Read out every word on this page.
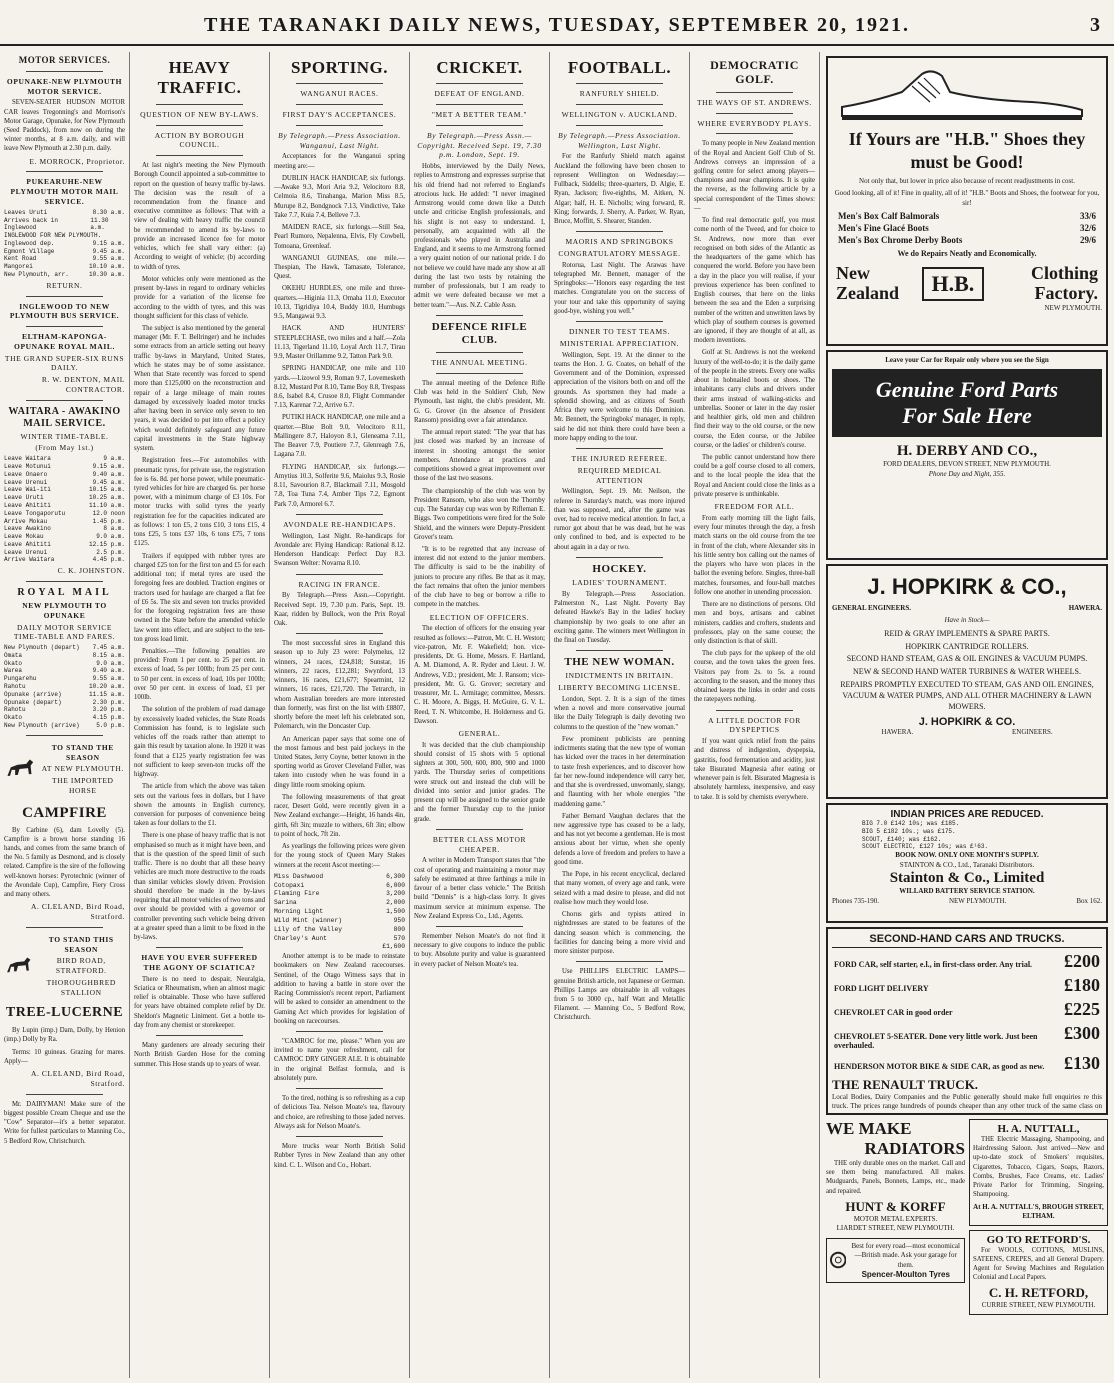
THE TARANAKI DAILY NEWS, TUESDAY, SEPTEMBER 20, 1921.	3
MOTOR SERVICES.
OPUNAKE-NEW PLYMOUTH MOTOR SERVICE.
SEVEN-SEATER HUDSON MOTOR CAR leaves Tregonning's and Morrison's Motor Garage, Opunake, for New Plymouth (Seed Paddock), from now on during the winter months, at 8 a.m. daily, and will leave New Plymouth at 2.30 p.m. daily.
E. MORROCK, Proprietor.
PUKEARUHE-NEW PLYMOUTH MOTOR MAIL SERVICE.
Leaves Uruti	8.30 a.m.
Arrives back in Inglewood
11.30 a.m.
INGLEWOOD FOR NEW PLYMOUTH.
Inglewood dep.	9.15 a.m.
Egmont Village	9.45 a.m.
Kent Road	9.55 a.m.
Mangorei	10.10 a.m.
New Plymouth, arr.	10.30 a.m.
RETURN.
INGLEWOOD TO NEW PLYMOUTH BUS SERVICE.
ELTHAM-KAPONGA-OPUNAKE ROYAL MAIL.
THE GRAND SUPER-SIX RUNS DAILY.
R. W. DENTON, MAIL CONTRACTOR.
WAITARA - AWAKINO MAIL SERVICE.
WINTER TIME-TABLE.
(From May 1st.)
Leave Waitara	9 a.m.
Leave Motunui	9.15 a.m.
Leave Onaero	9.40 a.m.
Leave Urenui	9.45 a.m.
Leave Wai-iti	10.15 a.m.
Leave Uruti	10.25 a.m.
Leave Ahititi	11.10 a.m.
Leave Tongaporutu	12.0 noon
Arrive Mokau	1.45 p.m.
Leave Awakino	8 a.m.
Leave Mokau	9.0 a.m.
Leave Ahititi	12.15 p.m.
Leave Urenui	2.5 p.m.
Arrive Waitara	4.45 p.m.
C. K. JOHNSTON.
ROYAL MAIL
NEW PLYMOUTH TO OPUNAKE
DAILY MOTOR SERVICE TIME-TABLE AND FARES.
New Plymouth (depart) 7.45 a.m.
Omata	8.15 a.m.
Okato	9.0 a.m.
Warea	9.40 a.m.
Pungarehu	9.55 a.m.
Rahotu	10.20 a.m.
Opunake (arrive)	11.15 a.m.
Opunake (depart)	2.30 p.m.
Rahotu	3.20 p.m.
Okato	4.15 p.m.
New Plymouth (arrive)	5.0 p.m.
TO STAND THE SEASON
AT NEW PLYMOUTH.
THE IMPORTED HORSE
CAMPFIRE
By Carbine (6), dam Lovelly (5). Campfire is a brown horse standing 16 hands, and comes from the same branch of the No. 5 family as Desmond, and is closely related. Campfire is the sire of the following well-known horses: Pyrotechnic (winner of the Avondale Cup), Campfire, Fiery Cross and many others.
A. CLELAND, Bird Road, Stratford.
TO STAND THIS SEASON
BIRD ROAD, STRATFORD.
THOROUGHBRED STALLION
TREE-LUCERNE
By Lupin (imp.) Dam, Dolly, by Henion (imp.) Dolly by Ra.
Terms: 10 guineas. Grazing for mares. Apply—
A. CLELAND, Bird Road, Stratford.
Mr. DAIRYMAN! Make sure of the biggest possible Cream Cheque and use the "Cow" Separator—it's a better separator. Write for fullest particulars to Manning Co., 5 Bedford Row, Christchurch.
HEAVY TRAFFIC.
QUESTION OF NEW BY-LAWS.
ACTION BY BOROUGH COUNCIL.
At last night's meeting the New Plymouth Borough Council appointed a sub-committee to report on the question of heavy traffic by-laws. The decision was the result of a recommendation from the finance and executive committee as follows: That with a view of dealing with heavy traffic the council be recommended to amend its by-laws to provide an increased licence fee for motor vehicles, which fee shall vary either: (a) According to weight of vehicle; (b) according to width of tyres.
Motor vehicles only were mentioned as the present by-laws in regard to ordinary vehicles provide for a variation of the license fee according to the width of tyres, and this was thought sufficient for this class of vehicle.
The subject is also mentioned by the general manager (Mr. F. T. Bellringer) and he includes some extracts from an article setting out heavy traffic by-laws in Maryland, United States, which he states may be of some assistance. When that State recently was forced to spend more than £125,000 on the reconstruction and repair of a large mileage of main routes damaged by excessively loaded motor trucks after having been in service only seven to ten years, it was decided to put into effect a policy which would definitely safeguard any future capital investments in the State highway system.
Registration fees.—For automobiles with pneumatic tyres, for private use, the registration fee is 6s. 8d. per horse power, while pneumatic-tyred vehicles for hire are charged 6s. per horse power, with a minimum charge of £3 10s. For motor trucks with solid tyres the yearly registration fee for the capacities indicated are as follows: 1 ton £5, 2 tons £10, 3 tons £15, 4 tons £25, 5 tons £37 10s, 6 tons £75, 7 tons £125.
Trailers if equipped with rubber tyres are charged £25 ton for the first ton and £5 for each additional ton; if metal tyres are used the foregoing fees are doubled. Traction engines or tractors used for haulage are charged a flat fee of £6 5s. The six and seven ton trucks provided for the foregoing registration fees are those owned in the State before the amended vehicle law went into effect, and are subject to the ten-ton gross load limit.
Penalties.—The following penalties are provided: From 1 per cent. to 25 per cent. in excess of load, 5s per 100lb; from 25 per cent. to 50 per cent. in excess of load, 10s per 100lb; over 50 per cent. in excess of load, £1 per 100lb.
The solution of the problem of road damage by excessively loaded vehicles, the State Roads Commission has found, is to legislate such vehicles off the roads rather than attempt to gain this result by taxation alone. In 1920 it was found that a £125 yearly registration fee was not sufficient to keep seven-ton trucks off the highway.
The article from which the above was taken sets out the various fees in dollars, but I have shown the amounts in English currency, conversion for purposes of convenience being taken as four dollars to the £1.
There is one phase of heavy traffic that is not emphasised so much as it might have been, and that is the question of the speed limit of such traffic. There is no doubt that all these heavy vehicles are much more destructive to the roads than similar vehicles slowly driven. Provision should therefore be made in the by-laws requiring that all motor vehicles of two tons and over should be provided with a governor or controller preventing such vehicle being driven at a greater speed than a limit to be fixed in the by-laws.
HAVE YOU EVER SUFFERED THE AGONY OF SCIATICA?
There is no need to despair, Neuralgia, Sciatica or Rheumatism, when an almost magic relief is obtainable. Those who have suffered for years have obtained complete relief by Dr. Sheldon's Magnetic Liniment. Get a bottle to-day from any chemist or storekeeper.
Many gardeners are already securing their North British Garden Hose for the coming summer. This Hose stands up to years of wear.
SPORTING.
WANGANUI RACES.
FIRST DAY'S ACCEPTANCES.
By Telegraph.—Press Association. Wanganui, Last Night.
Acceptances for the Wanganui spring meeting are:—
DUBLIN HACK HANDICAP, six furlongs.—Awake 9.3, Mori Aria 9.2, Velocitoro 8.8, Celmoia 8.6, Tinahanga, Marion Miss 8.5, Murupe 8.2, Bondgnock 7.13, Vindictive, Take Take 7.7, Kuia 7.4, Belleve 7.3.
MAIDEN RACE, six furlongs.—Still Sea, Pearl Rumoro, Nepalenna, Elvis, Fly Cowbell, Tomoana, Greenleaf.
WANGANUI GUINEAS, one mile.—Thespian, The Hawk, Tamasate, Tolerance, Quest.
OKEHU HURDLES, one mile and three-quarters.—Higinia 11.3, Omaha 11.0, Executor 10.13, Tigridiya 10.4, Buddy 10.0, Humbugs 9.5, Mangawai 9.3.
HACK AND HUNTERS' STEEPLECHASE, two miles and a half.—Zola 11.13, Tigerland 11.10, Loyal Arch 11.7, Tirau 9.9, Master Orillamme 9.2, Tatton Park 9.0.
SPRING HANDICAP, one mile and 110 yards.—Lizowol 9.9, Roman 9.7, Lovemesketh 8.12, Mustard Pot 8.10, Tame Boy 8.8, Trespass 8.6, Isabel 8.4, Crusoe 8.0, Flight Commander 7.13, Karenar 7.2, Arrive 6.7.
PUTIKI HACK HANDICAP, one mile and a quarter.—Blue Bolt 9.0, Velocitoro 8.11, Mallingere 8.7, Haloyon 8.1, Gleneama 7.11, The Beaver 7.9, Poutiere 7.7, Glenreagh 7.6, Lagana 7.0.
FLYING HANDICAP, six furlongs.—Amytius 10.3, Solferite 9.6, Maiolus 9.3, Rosie 8.11, Savourion 8.7, Blackmail 7.11, Mosgold 7.8, Toa Tuna 7.4, Amber Tips 7.2, Egmont Park 7.0, Armorel 6.7.
AVONDALE RE-HANDICAPS.
Wellington, Last Night. Re-handicaps for Avondale are: Flying Handicap: Rational 8.12. Henderson Handicap: Perfect Day 8.3. Swanson Welter: Novarna 8.10.
RACING IN FRANCE.
By Telegraph.—Press Assn.—Copyright. Received Sept. 19, 7.30 p.m. Paris, Sept. 19. Kaar, ridden by Bullock, won the Prix Royal Oak.
The most successful sires in England this season up to July 23 were: Polymelus, 12 winners, 24 races, £24,818; Sunstar, 16 winners, 22 races, £12,281; Swynford, 13 winners, 16 races, £21,677; Spearmint, 12 winners, 16 races, £21,720. The Tetrarch, in whom Australian breeders are more interested than formerly, was first on the list with £8807, shortly before the meet left his celebrated son, Polemarch, win the Doncaster Cup.
An American paper says that some one of the most famous and best paid jockeys in the United States, Jerry Coyne, better known in the sporting world as Grover Cleveland Fuller, was taken into custody when he was found in a dingy little room smoking opium.
The following measurements of that great racer, Desert Gold, were recently given in a New Zealand exchange:—Height, 16 hands 4in, girth, 6ft 3in; muzzle to withers, 6ft 3in; elbow to point of hock, 7ft 2in.
As yearlings the following prices were given for the young stock of Queen Mary Stakes winners at the recent Ascot meeting:—
Miss Dashwood	6,300
Cotopaxi	6,000
Flaming Fire	3,200
Sarina	2,000
Morning Light	1,500
Wild Mint (winner)	950
Lily of the Valley	800
Charley's Aunt	570
£1,600
Another attempt is to be made to reinstate bookmakers on New Zealand racecourses. Sentinel, of the Otago Witness says that in addition to having a battle in store over the Racing Commission's recent report, Parliament will be asked to consider an amendment to the Gaming Act which provides for legislation of booking on racecourses.
"CAMROC for me, please." When you are invited to name your refreshment, call for CAMROC DRY GINGER ALE. It is obtainable in the original Belfast formula, and is absolutely pure.
To the tired, nothing is so refreshing as a cup of delicious Tea. Nelson Moate's tea, flavoury and choice, are refreshing to those jaded nerves. Always ask for Nelson Moate's.
More trucks wear North British Solid Rubber Tyres in New Zealand than any other kind. C. L. Wilson and Co., Hobart.
CRICKET.
DEFEAT OF ENGLAND.
"MET A BETTER TEAM."
By Telegraph.—Press Assn.—Copyright. Received Sept. 19, 7.30 p.m. London, Sept. 19.
Hobbs, interviewed by the Daily News, replies to Armstrong and expresses surprise that his old friend had not referred to England's atrocious luck. He added: "I never imagined Armstrong would come down like a Dutch uncle and criticise English professionals, and his slight is not easy to understand. I, personally, am acquainted with all the professionals who played in Australia and England, and it seems to me Armstrong formed a very quaint notion of our national pride. I do not believe we could have made any show at all during the last two tests by retaining the number of professionals, but I am ready to admit we were defeated because we met a better team."—Aus. N.Z. Cable Assn.
DEFENCE RIFLE CLUB.
THE ANNUAL MEETING.
The annual meeting of the Defence Rifle Club was held in the Soldiers' Club, New Plymouth, last night, the club's president, Mr. G. G. Grover (in the absence of President Ransom) presiding over a fair attendance.
The annual report stated: "The year that has just closed was marked by an increase of interest in shooting amongst the senior members. Attendance at practices and competitions showed a great improvement over those of the last two seasons.
The championship of the club was won by President Ransom, who also won the Thornby cup. The Saturday cup was won by Rifleman E. Biggs. Two competitions were fired for the Sole Shield, and the winners were Deputy-President Grover's team.
"It is to be regretted that any increase of interest did not extend to the junior members. The difficulty is said to be the inability of juniors to procure any rifles. Be that as it may, the fact remains that often the junior members of the club have to beg or borrow a rifle to compete in the matches.
ELECTION OF OFFICERS.
The election of officers for the ensuing year resulted as follows:—Patron, Mr. C. H. Weston; vice-patron, Mr. F. Wakefield; hon. vice-presidents, Dr. G. Home, Messrs. F. Hartland, A. M. Diamond, A. R. Ryder and Lieut. J. W. Andrews, V.D.; president, Mr. J. Ransom; vice-president, Mr. G. G. Grover; secretary and treasurer, Mr. L. Armitage; committee, Messrs. C. H. Moore, A. Biggs, H. McGuire, G. V. L. Reed, T. N. Whitcombe, H. Holderness and G. Dawson.
GENERAL.
It was decided that the club championship should consist of 15 shots with 5 optional sighters at 300, 500, 600, 800, 900 and 1000 yards. The Thursday series of competitions were struck out and instead the club will be divided into senior and junior grades. The present cup will be assigned to the senior grade and the former Thursday cup to the junior grade.
BETTER CLASS MOTOR CHEAPER.
A writer in Modern Transport states that "the cost of operating and maintaining a motor may safely be estimated at three farthings a mile in favour of a better class vehicle." The British build "Dennis" is a high-class lorry. It gives maximum service at minimum expense. The New Zealand Express Co., Ltd., Agents.
Remember Nelson Moate's do not find it necessary to give coupons to induce the public to buy. Absolute purity and value is guaranteed in every packet of Nelson Moate's tea.
FOOTBALL.
RANFURLY SHIELD.
WELLINGTON v. AUCKLAND.
By Telegraph.—Press Association. Wellington, Last Night.
For the Ranfurly Shield match against Auckland the following have been chosen to represent Wellington on Wednesday:—Fullback, Siddells; three-quarters, D. Algie, E. Ryan, Jackson; five-eighths, M. Aitken, N. Algar; half, H. E. Nicholls; wing forward, R. King; forwards, J. Sherry, A. Parker, W. Ryan, Bruce, Moffitt, S. Shearer, Standen.
MAORIS AND SPRINGBOKS
CONGRATULATORY MESSAGE.
Rotorua, Last Night. The Arawas have telegraphed Mr. Bennett, manager of the Springboks:—"Honors easy regarding the test matches. Congratulate you on the success of your tour and take this opportunity of saying good-bye, wishing you well."
DINNER TO TEST TEAMS.
MINISTERIAL APPRECIATION.
Wellington, Sept. 19. At the dinner to the teams the Hon. J. G. Coates, on behalf of the Government and of the Dominion, expressed appreciation of the visitors both on and off the grounds. As sportsmen they had made a splendid showing, and as citizens of South Africa they were welcome to this Dominion. Mr. Bennett, the Springboks' manager, in reply, said he did not think there could have been a more happy ending to the tour.
THE INJURED REFEREE.
REQUIRED MEDICAL ATTENTION
Wellington, Sept. 19. Mr. Neilson, the referee in Saturday's match, was more injured than was supposed, and, after the game was over, had to receive medical attention. In fact, a rumor got about that he was dead, but he was only confined to bed, and is expected to be about again in a day or two.
HOCKEY.
LADIES' TOURNAMENT.
By Telegraph.—Press Association. Palmerston N., Last Night. Poverty Bay defeated Hawke's Bay in the ladies' hockey championship by two goals to one after an exciting game. The winners meet Wellington in the final on Tuesday.
THE NEW WOMAN.
INDICTMENTS IN BRITAIN.
LIBERTY BECOMING LICENSE.
London, Sept. 2. It is a sign of the times when a novel and more conservative journal like the Daily Telegraph is daily devoting two columns to the question of the "new woman."
Few prominent publicists are penning indictments stating that the new type of woman has kicked over the traces in her determination to taste fresh experiences, and to discover how far her new-found independence will carry her, and that she is overdressed, unwomanly, slangy, and flaunting with her whole energies "the maddening game."
Father Bernard Vaughan declares that the new aggressive type has ceased to be a lady, and has not yet become a gentleman. He is most anxious about her virtue, when she openly defends a love of freedom and prefers to have a good time.
The Pope, in his recent encyclical, declared that many women, of every age and rank, were seized with a mad desire to please, and did not realise how much they would lose.
Chorus girls and typists attired in nightdresses are stated to be features of the dancing season which is commencing, the facilities for dancing being a more vivid and more sinister purpose.
Use PHILLIPS ELECTRIC LAMPS—genuine British article, not Japanese or German. Phillips Lamps are obtainable in all voltages from 5 to 3000 cp., half Watt and Metallic Filament. — Manning Co., 5 Bedford Row, Christchurch.
DEMOCRATIC GOLF.
THE WAYS OF ST. ANDREWS.
WHERE EVERYBODY PLAYS.
To many people in New Zealand mention of the Royal and Ancient Golf Club of St. Andrews conveys an impression of a golfing centre for select among players—champions and near champions. It is quite the reverse, as the following article by a special correspondent of the Times shows:—
To find real democratic golf, you must come north of the Tweed, and for choice to St. Andrews, now more than ever recognised on both sides of the Atlantic as the headquarters of the game which has conquered the world. Before you have been a day in the place you will realise, if your previous experience has been confined to English courses, that here on the links between the sea and the Eden a surprising number of the written and unwritten laws by which play of southern courses is governed are ignored, if they are thought of at all, as modern inventions.
Golf at St. Andrews is not the weekend luxury of the well-to-do; it is the daily game of the people in the streets. Every one walks about in hobnailed boots or shoes. The inhabitants carry clubs and drivers under their arms instead of walking-sticks and umbrellas. Sooner or later in the day rosier and healthier girls, old men and children find their way to the old course, or the new course, the Eden course, or the Jubilee course, or the ladies' or children's course.
The public cannot understand how there could be a golf course closed to all comers, and to the local people the idea that the Royal and Ancient could close the links as a private preserve is unthinkable.
FREEDOM FOR ALL.
From early morning till the light fails, every four minutes through the day, a fresh match starts on the old course from the tee in front of the club, where Alexander sits in his little sentry box calling out the names of the players who have won places in the ballot the evening before. Singles, three-ball matches, foursomes, and four-ball matches follow one another in unending procession.
There are no distinctions of persons. Old men and boys, artisans and cabinet ministers, caddies and crofters, students and professors, play on the same course; the only distinction is that of skill.
The club pays for the upkeep of the old course, and the town takes the green fees. Visitors pay from 2s. to 5s. a round according to the season, and the money thus obtained keeps the links in order and costs the ratepayers nothing.
A LITTLE DOCTOR FOR DYSPEPTICS
If you want quick relief from the pains and distress of indigestion, dyspepsia, gastritis, food fermentation and acidity, just take Bisurated Magnesia after eating or whenever pain is felt. Bisurated Magnesia is absolutely harmless, inexpensive, and easy to take. It is sold by chemists everywhere.
If Yours are "H.B." Shoes they must be Good!
Not only that, but lower in price also because of recent readjustments in cost.
Good looking, all of it! Fine in quality, all of it! "H.B." Boots and Shoes, the footwear for you, sir!
Men's Box Calf Balmorals	33/6
Men's Fine Glacé Boots	32/6
Men's Box Chrome Derby Boots	29/6
We do Repairs Neatly and Economically.
New Zealand	H.B.	Clothing Factory.
NEW PLYMOUTH.
Leave your Car for Repair only where you see the Sign
Genuine Ford Parts
For Sale Here
H. DERBY AND CO.,
FORD DEALERS, DEVON STREET, NEW PLYMOUTH.
Phone Day and Night, 355.
J. HOPKIRK & CO.,
GENERAL ENGINEERS.	HAWERA.
Have in Stock—
REID & GRAY IMPLEMENTS & SPARE PARTS.
HOPKIRK CANTRIDGE ROLLERS.
SECOND HAND STEAM, GAS & OIL ENGINES & VACUUM PUMPS.
NEW & SECOND HAND WATER TURBINES & WATER WHEELS.
REPAIRS PROMPTLY EXECUTED TO STEAM, GAS AND OIL ENGINES, VACUUM & WATER PUMPS, AND ALL OTHER MACHINERY & LAWN MOWERS.
J. HOPKIRK & CO.
HAWERA.	ENGINEERS.
INDIAN PRICES ARE REDUCED.
BIG 7.0 £142 10s; was £185.
BIG 5 £182 10s.; was £175.
SCOUT, £140; was £162.
SCOUT ELECTRIC, £127 10s; was £¹63.
BOOK NOW. ONLY ONE MONTH'S SUPPLY.
STAINTON & CO., Ltd., Taranaki Distributors.
Stainton & Co., Limited
WILLARD BATTERY SERVICE STATION.
Phones 735-190.	NEW PLYMOUTH.	Box 162.
SECOND-HAND CARS AND TRUCKS.
FORD CAR, self starter, e.l., in first-class order. Any trial. £200
FORD LIGHT DELIVERY	£180
CHEVROLET CAR in good order	£225
CHEVROLET 5-SEATER. Done very little work. Just been overhauled.
£300
HENDERSON MOTOR BIKE & SIDE CAR, as good as new. £130
THE RENAULT TRUCK.
Local Bodies, Dairy Companies and the Public generally should make full enquiries re this truck. The prices range hundreds of pounds cheaper than any other truck of the same class on
WE MAKE
RADIATORS
THE only durable ones on the market. Call and see them being manufactured. All makes. Mudguards, Panels, Bonnets, Lamps, etc., made and repaired.
HUNT & KORFF
MOTOR METAL EXPERTS.
LIARDET STREET, NEW PLYMOUTH.
Best for every road—most economical—British made. Ask your garage for them.
Spencer-Moulton Tyres
H. A. NUTTALL,
THE Electric Massaging, Shampooing, and Hairdressing Saloon. Just arrived—New and up-to-date stock of Smokers' requisites, Cigarettes, Tobacco, Cigars, Soaps, Razors, Combs, Brushes, Face Creams, etc. Ladies' Private Parlor for Trimming, Singeing, Shampooing.
At H. A. NUTTALL'S, BROUGH STREET, ELTHAM.
GO TO RETFORD'S.
For WOOLS, COTTONS, MUSLINS, SATEENS, CREPES, and all General Drapery. Agent for Sewing Machines and Regulation Colonial and Local Papers.
C. H. RETFORD,
CURRIE STREET, NEW PLYMOUTH.
